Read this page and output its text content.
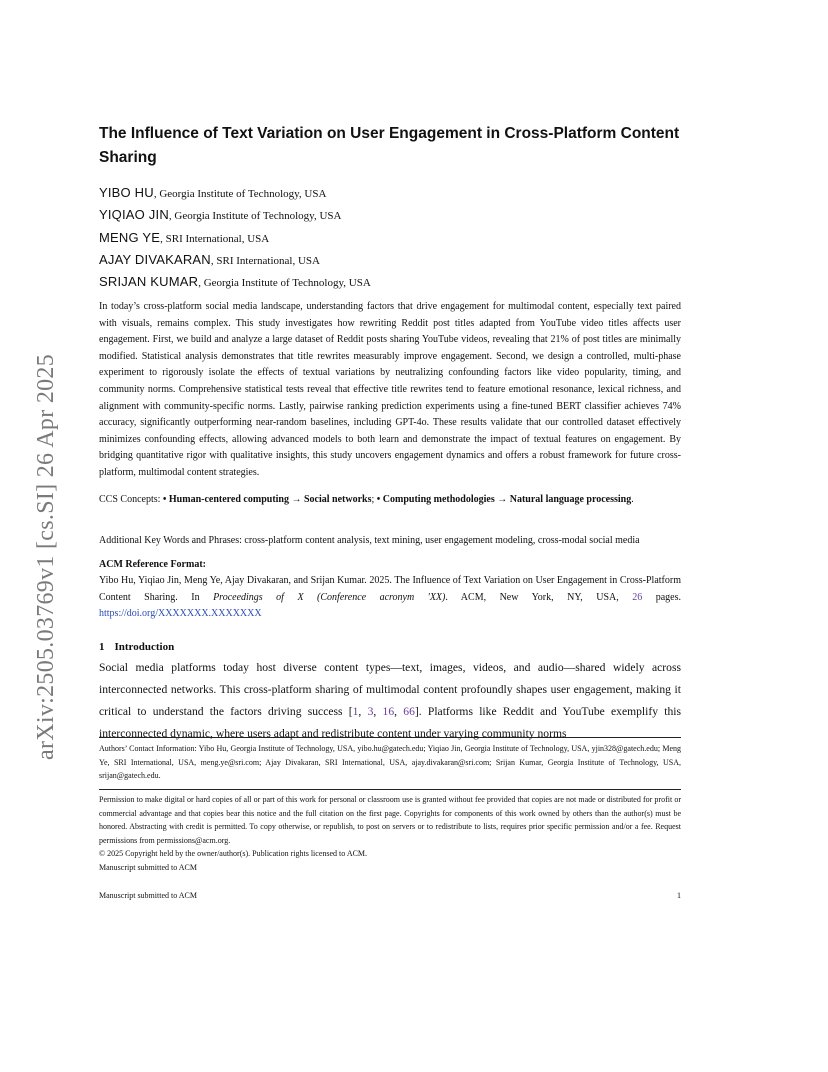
arXiv:2505.03769v1 [cs.SI] 26 Apr 2025
The Influence of Text Variation on User Engagement in Cross-Platform Content Sharing
YIBO HU, Georgia Institute of Technology, USA
YIQIAO JIN, Georgia Institute of Technology, USA
MENG YE, SRI International, USA
AJAY DIVAKARAN, SRI International, USA
SRIJAN KUMAR, Georgia Institute of Technology, USA
In today’s cross-platform social media landscape, understanding factors that drive engagement for multimodal content, especially text paired with visuals, remains complex. This study investigates how rewriting Reddit post titles adapted from YouTube video titles affects user engagement. First, we build and analyze a large dataset of Reddit posts sharing YouTube videos, revealing that 21% of post titles are minimally modified. Statistical analysis demonstrates that title rewrites measurably improve engagement. Second, we design a controlled, multi-phase experiment to rigorously isolate the effects of textual variations by neutralizing confounding factors like video popularity, timing, and community norms. Comprehensive statistical tests reveal that effective title rewrites tend to feature emotional resonance, lexical richness, and alignment with community-specific norms. Lastly, pairwise ranking prediction experiments using a fine-tuned BERT classifier achieves 74% accuracy, significantly outperforming near-random baselines, including GPT-4o. These results validate that our controlled dataset effectively minimizes confounding effects, allowing advanced models to both learn and demonstrate the impact of textual features on engagement. By bridging quantitative rigor with qualitative insights, this study uncovers engagement dynamics and offers a robust framework for future cross-platform, multimodal content strategies.
CCS Concepts: • Human-centered computing → Social networks; • Computing methodologies → Natural language processing.
Additional Key Words and Phrases: cross-platform content analysis, text mining, user engagement modeling, cross-modal social media
ACM Reference Format:
Yibo Hu, Yiqiao Jin, Meng Ye, Ajay Divakaran, and Srijan Kumar. 2025. The Influence of Text Variation on User Engagement in Cross-Platform Content Sharing. In Proceedings of X (Conference acronym 'XX). ACM, New York, NY, USA, 26 pages. https://doi.org/XXXXXXX.XXXXXXX
1 Introduction
Social media platforms today host diverse content types—text, images, videos, and audio—shared widely across interconnected networks. This cross-platform sharing of multimodal content profoundly shapes user engagement, making it critical to understand the factors driving success [1, 3, 16, 66]. Platforms like Reddit and YouTube exemplify this interconnected dynamic, where users adapt and redistribute content under varying community norms
Authors’ Contact Information: Yibo Hu, Georgia Institute of Technology, USA, yibo.hu@gatech.edu; Yiqiao Jin, Georgia Institute of Technology, USA, yjin328@gatech.edu; Meng Ye, SRI International, USA, meng.ye@sri.com; Ajay Divakaran, SRI International, USA, ajay.divakaran@sri.com; Srijan Kumar, Georgia Institute of Technology, USA, srijan@gatech.edu.
Permission to make digital or hard copies of all or part of this work for personal or classroom use is granted without fee provided that copies are not made or distributed for profit or commercial advantage and that copies bear this notice and the full citation on the first page. Copyrights for components of this work owned by others than the author(s) must be honored. Abstracting with credit is permitted. To copy otherwise, or republish, to post on servers or to redistribute to lists, requires prior specific permission and/or a fee. Request permissions from permissions@acm.org.
© 2025 Copyright held by the owner/author(s). Publication rights licensed to ACM.
Manuscript submitted to ACM
Manuscript submitted to ACM	1
